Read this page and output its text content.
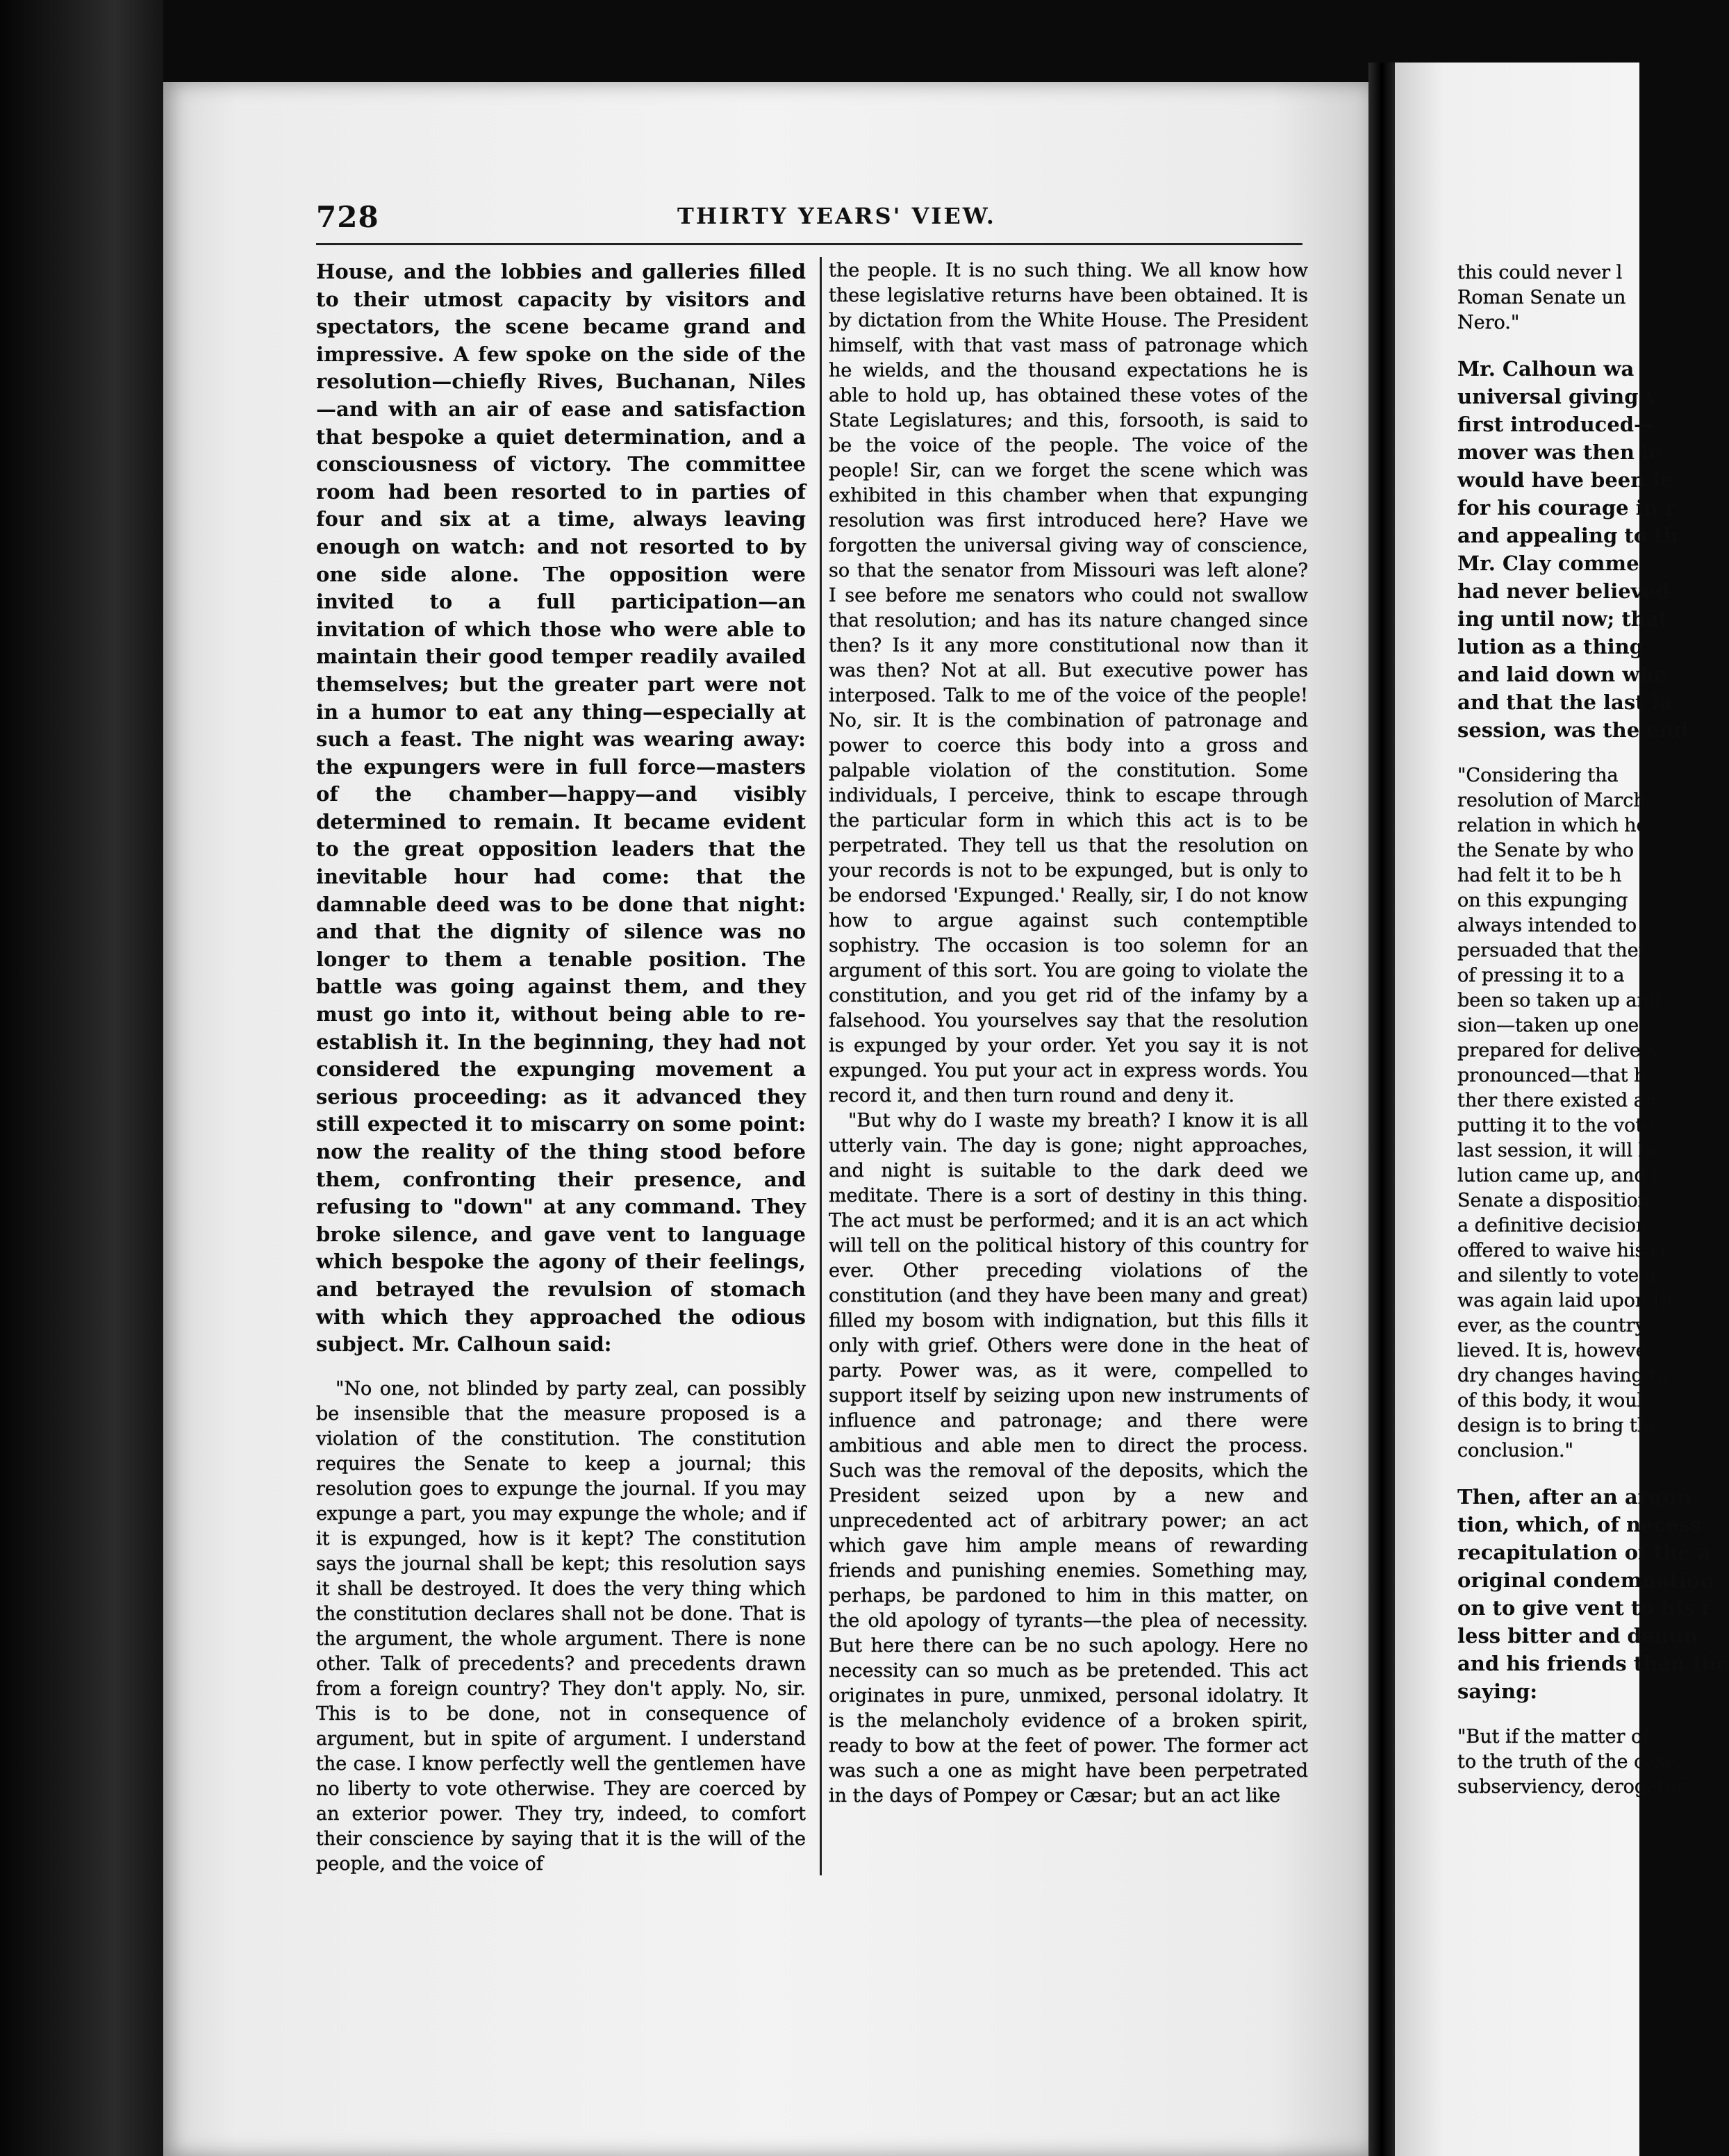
728	THIRTY YEARS' VIEW.

House, and the lobbies and galleries filled to their utmost capacity by visitors and spectators, the scene became grand and impressive. A few spoke on the side of the resolution—chiefly Rives, Buchanan, Niles—and with an air of ease and satisfaction that bespoke a quiet determination, and a consciousness of victory. The committee room had been resorted to in parties of four and six at a time, always leaving enough on watch: and not resorted to by one side alone. The opposition were invited to a full participation—an invitation of which those who were able to maintain their good temper readily availed themselves; but the greater part were not in a humor to eat any thing—especially at such a feast. The night was wearing away: the expungers were in full force—masters of the chamber—happy—and visibly determined to remain. It became evident to the great opposition leaders that the inevitable hour had come: that the damnable deed was to be done that night: and that the dignity of silence was no longer to them a tenable position. The battle was going against them, and they must go into it, without being able to re-establish it. In the beginning, they had not considered the expunging movement a serious proceeding: as it advanced they still expected it to miscarry on some point: now the reality of the thing stood before them, confronting their presence, and refusing to "down" at any command. They broke silence, and gave vent to language which bespoke the agony of their feelings, and betrayed the revulsion of stomach with which they approached the odious subject. Mr. Calhoun said:

"No one, not blinded by party zeal, can possibly be insensible that the measure proposed is a violation of the constitution. The constitution requires the Senate to keep a journal; this resolution goes to expunge the journal. If you may expunge a part, you may expunge the whole; and if it is expunged, how is it kept? The constitution says the journal shall be kept; this resolution says it shall be destroyed. It does the very thing which the constitution declares shall not be done. That is the argument, the whole argument. There is none other. Talk of precedents? and precedents drawn from a foreign country? They don't apply. No, sir. This is to be done, not in consequence of argument, but in spite of argument. I understand the case. I know perfectly well the gentlemen have no liberty to vote otherwise. They are coerced by an exterior power. They try, indeed, to comfort their conscience by saying that it is the will of the people, and the voice of

the people. It is no such thing. We all know how these legislative returns have been obtained. It is by dictation from the White House. The President himself, with that vast mass of patronage which he wields, and the thousand expectations he is able to hold up, has obtained these votes of the State Legislatures; and this, forsooth, is said to be the voice of the people. The voice of the people! Sir, can we forget the scene which was exhibited in this chamber when that expunging resolution was first introduced here? Have we forgotten the universal giving way of conscience, so that the senator from Missouri was left alone? I see before me senators who could not swallow that resolution; and has its nature changed since then? Is it any more constitutional now than it was then? Not at all. But executive power has interposed. Talk to me of the voice of the people! No, sir. It is the combination of patronage and power to coerce this body into a gross and palpable violation of the constitution. Some individuals, I perceive, think to escape through the particular form in which this act is to be perpetrated. They tell us that the resolution on your records is not to be expunged, but is only to be endorsed 'Expunged.' Really, sir, I do not know how to argue against such contemptible sophistry. The occasion is too solemn for an argument of this sort. You are going to violate the constitution, and you get rid of the infamy by a falsehood. You yourselves say that the resolution is expunged by your order. Yet you say it is not expunged. You put your act in express words. You record it, and then turn round and deny it.

"But why do I waste my breath? I know it is all utterly vain. The day is gone; night approaches, and night is suitable to the dark deed we meditate. There is a sort of destiny in this thing. The act must be performed; and it is an act which will tell on the political history of this country for ever. Other preceding violations of the constitution (and they have been many and great) filled my bosom with indignation, but this fills it only with grief. Others were done in the heat of party. Power was, as it were, compelled to support itself by seizing upon new instruments of influence and patronage; and there were ambitious and able men to direct the process. Such was the removal of the deposits, which the President seized upon by a new and unprecedented act of arbitrary power; an act which gave him ample means of rewarding friends and punishing enemies. Something may, perhaps, be pardoned to him in this matter, on the old apology of tyrants—the plea of necessity. But here there can be no such apology. Here no necessity can so much as be pretended. This act originates in pure, unmixed, personal idolatry. It is the melancholy evidence of a broken spirit, ready to bow at the feet of power. The former act was such a one as might have been perpetrated in the days of Pompey or Cæsar; but an act like

this could never l
Roman Senate un
Nero."
Mr. Calhoun wa
universal giving v
first introduced—
mover was then le
would have been le
for his courage in r
and appealing to th
Mr. Clay comme
had never believed
ing until now; that
lution as a thing
and laid down whe
and that the last la
session, was the end
"Considering tha
resolution of March
relation in which he
the Senate by who
had felt it to be h
on this expunging
always intended to
persuaded that ther
of pressing it to a
been so taken up and
sion—taken up one
prepared for delivery
pronounced—that h
ther there existed an
putting it to the vote
last session, it will be
lution came up, and i
Senate a disposition
a definitive decision.
offered to waive his ri
and silently to vote u
was again laid upon th
ever, as the country
lieved. It is, however
dry changes having ta
of this body, it woul
design is to bring the
conclusion."
Then, after an argun
tion, which, of necess
recapitulation of the a
original condemnation
on to give vent to his f
less bitter and denun
and his friends than the
saying:
"But if the matter of
to the truth of the case,
subserviency, derogator
